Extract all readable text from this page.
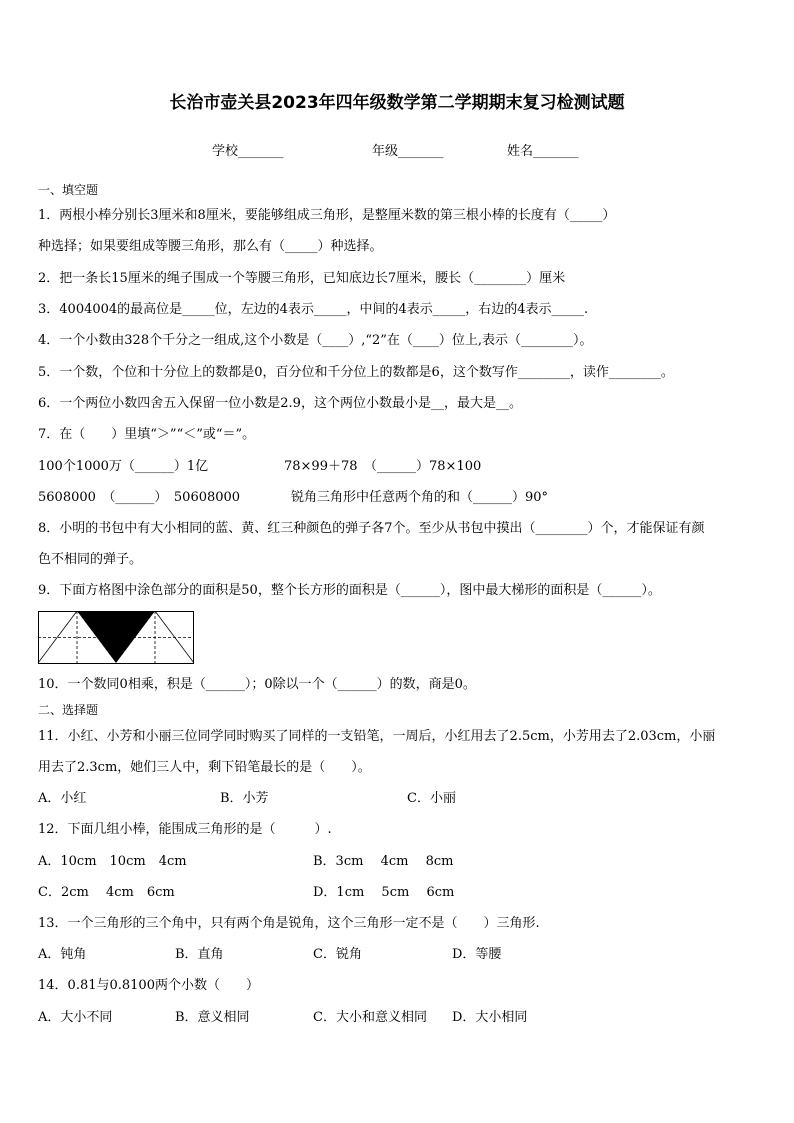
长治市壶关县2023年四年级数学第二学期期末复习检测试题
学校_______	年级_______	姓名_______
一、填空题
1．两根小棒分别长3厘米和8厘米，要能够组成三角形，是整厘米数的第三根小棒的长度有（_____）
种选择；如果要组成等腰三角形，那么有（_____）种选择。
2．把一条长15厘米的绳子围成一个等腰三角形，已知底边长7厘米，腰长（________）厘米
3．4004004的最高位是_____位，左边的4表示_____，中间的4表示_____，右边的4表示_____.
4．一个小数由328个千分之一组成,这个小数是（____）,“2”在（____）位上,表示（________）。
5．一个数，个位和十分位上的数都是0，百分位和千分位上的数都是6，这个数写作________，读作________。
6．一个两位小数四舍五入保留一位小数是2.9，这个两位小数最小是__，最大是__。
7．在（　　）里填“＞”“＜”或“＝”。
100个1000万（______）1亿	78×99＋78　（______）78×100
5608000　（______）　50608000	锐角三角形中任意两个角的和（______）90°
8．小明的书包中有大小相同的蓝、黄、红三种颜色的弹子各7个。至少从书包中摸出（________）个，才能保证有颜
色不相同的弹子。
9．下面方格图中涂色部分的面积是50，整个长方形的面积是（______），图中最大梯形的面积是（______）。
10．一个数同0相乘，积是（______）；0除以一个（______）的数，商是0。
二、选择题
11．小红、小芳和小丽三位同学同时购买了同样的一支铅笔，一周后，小红用去了2.5cm，小芳用去了2.03cm，小丽
用去了2.3cm，她们三人中，剩下铅笔最长的是（　　）。
A．小红	B．小芳	C．小丽
12．下面几组小棒，能围成三角形的是（　　　）.
A．10cm　10cm　4cm	B．3cm　 4cm　 8cm
C．2cm　 4cm　6cm	D．1cm　 5cm　 6cm
13．一个三角形的三个角中，只有两个角是锐角，这个三角形一定不是（　　）三角形.
A．钝角	B．直角	C．锐角	D．等腰
14．0.81与0.8100两个小数（　　）
A．大小不同	B．意义相同	C．大小和意义相同 D．大小相同
